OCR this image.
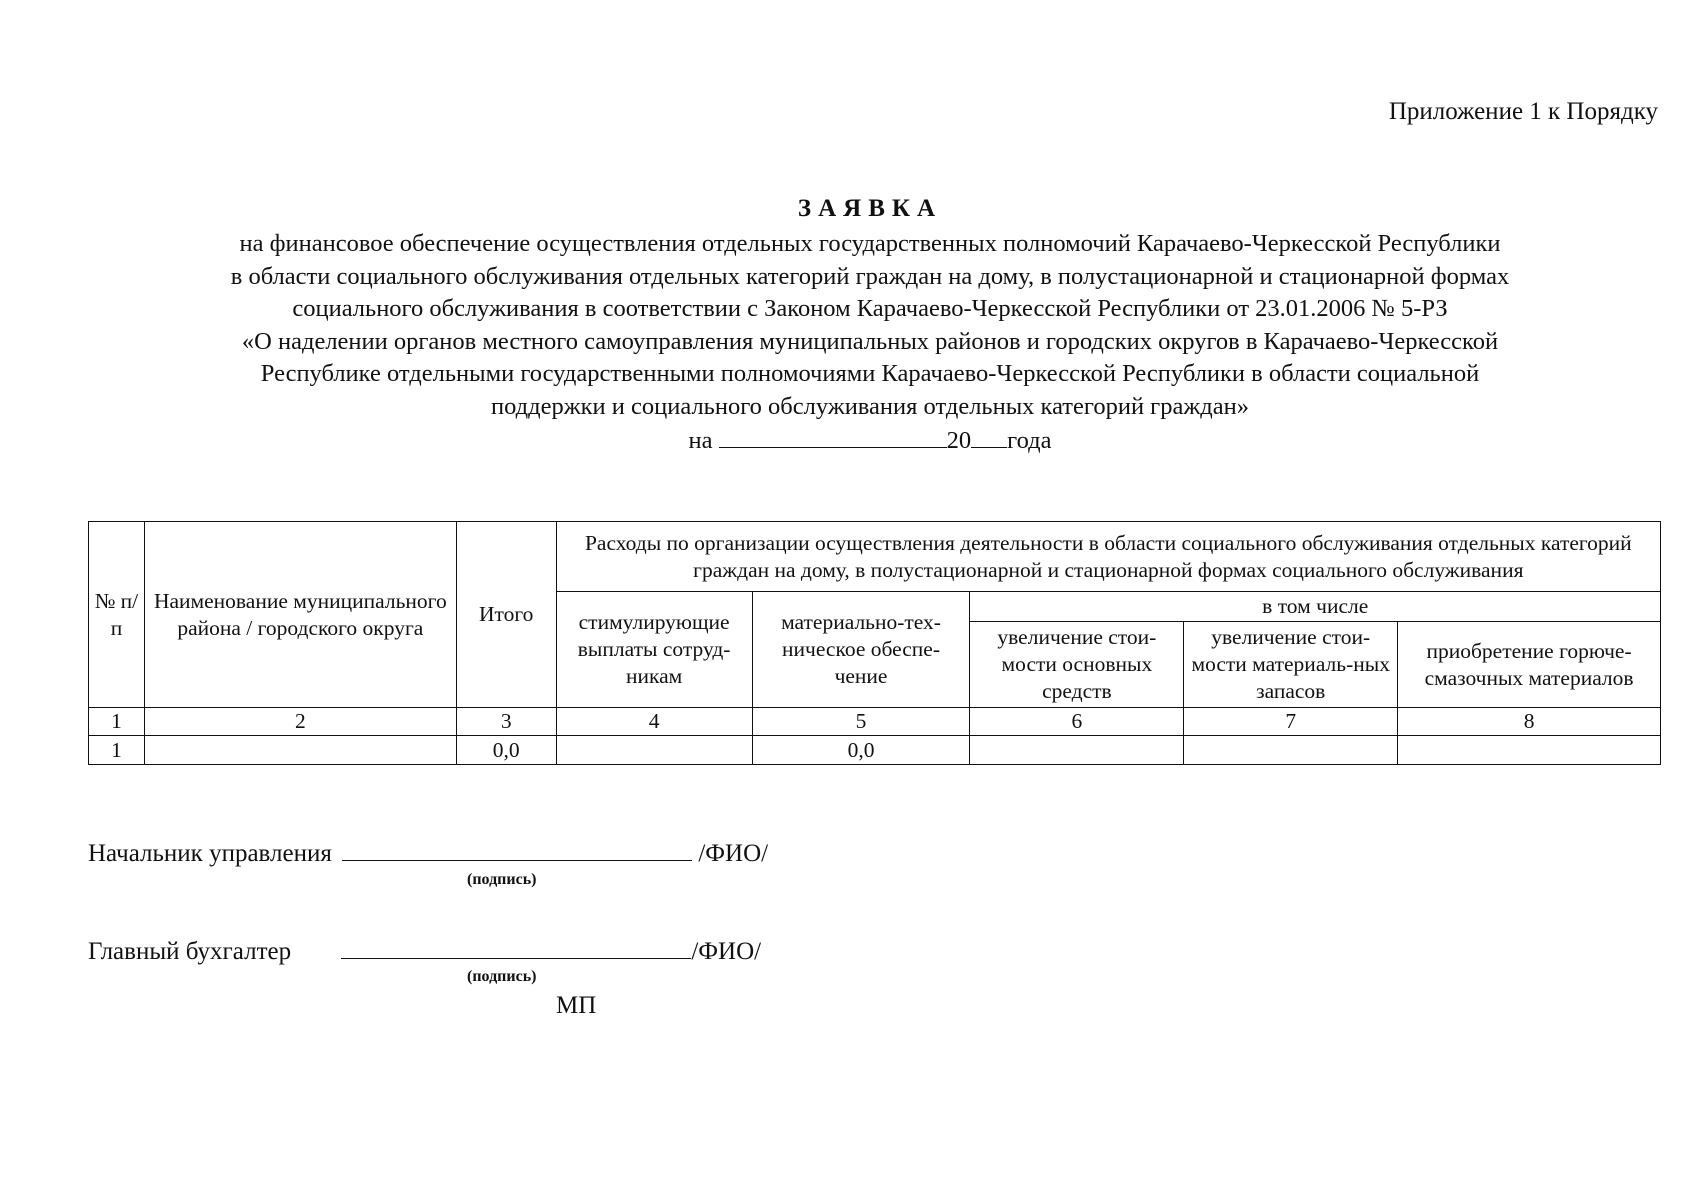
Приложение 1 к Порядку
ЗАЯВКА
на финансовое обеспечение осуществления отдельных государственных полномочий Карачаево-Черкесской Республики
в области социального обслуживания отдельных категорий граждан на дому, в полустационарной и стационарной формах
социального обслуживания в соответствии с Законом Карачаево-Черкесской Республики от 23.01.2006 № 5-РЗ
«О наделении органов местного самоуправления муниципальных районов и городских округов в Карачаево-Черкесской
Республике отдельными государственными полномочиями Карачаево-Черкесской Республики в области социальной
поддержки и социального обслуживания отдельных категорий граждан»
на	20 года
№ п/п	Наименование муниципального района / городского округа	Итого	Расходы по организации осуществления деятельности в области социального обслуживания отдельных категорий граждан на дому, в полустационарной и стационарной формах социального обслуживания				
			стимулирующие выплаты сотруд-никам	материально-тех-ническое обеспе-чение	в том числе		
					увеличение стои-мости основных средств	увеличение стои-мости материаль-ных запасов	приобретение горюче-смазочных материалов
1	2	3	4	5	6	7	8
1		0,0		0,0			
Начальник управления	/ФИО/
(подпись)
Главный бухгалтер	/ФИО/
(подпись)
МП
